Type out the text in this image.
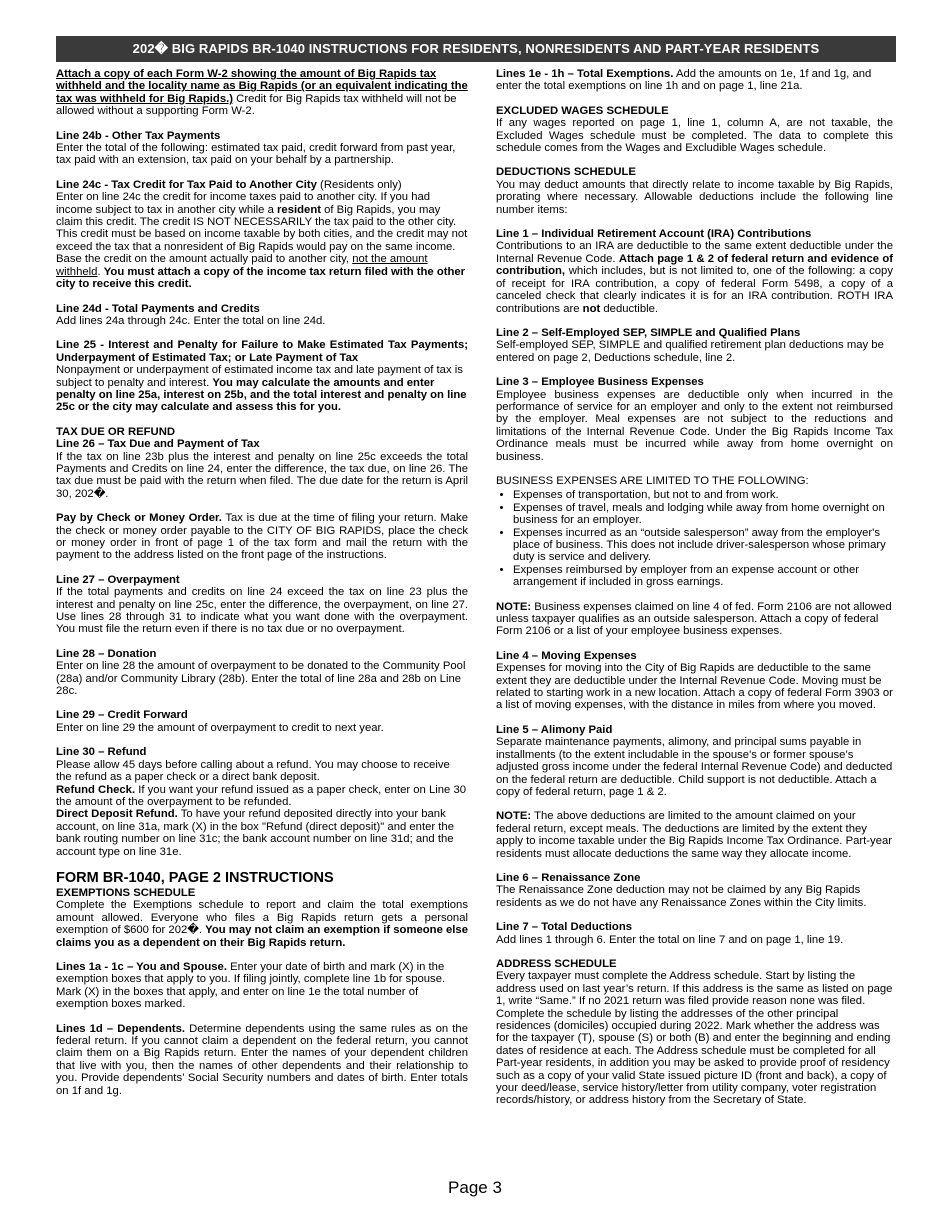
202� BIG RAPIDS BR-1040 INSTRUCTIONS FOR RESIDENTS, NONRESIDENTS AND PART-YEAR RESIDENTS

Attach a copy of each Form W-2 showing the amount of Big Rapids tax withheld and the locality name as Big Rapids (or an equivalent indicating the tax was withheld for Big Rapids.) Credit for Big Rapids tax withheld will not be allowed without a supporting Form W-2.

Line 24b - Other Tax Payments

Enter the total of the following: estimated tax paid, credit forward from past year, tax paid with an extension, tax paid on your behalf by a partnership.

Line 24c - Tax Credit for Tax Paid to Another City (Residents only)

Enter on line 24c the credit for income taxes paid to another city. If you had income subject to tax in another city while a resident of Big Rapids, you may claim this credit. The credit IS NOT NECESSARILY the tax paid to the other city. This credit must be based on income taxable by both cities, and the credit may not exceed the tax that a nonresident of Big Rapids would pay on the same income. Base the credit on the amount actually paid to another city, not the amount withheld. You must attach a copy of the income tax return filed with the other city to receive this credit.

Line 24d - Total Payments and Credits

Add lines 24a through 24c. Enter the total on line 24d.

Line 25 - Interest and Penalty for Failure to Make Estimated Tax Payments; Underpayment of Estimated Tax; or Late Payment of Tax

Nonpayment or underpayment of estimated income tax and late payment of tax is subject to penalty and interest. You may calculate the amounts and enter penalty on line 25a, interest on 25b, and the total interest and penalty on line 25c or the city may calculate and assess this for you.

TAX DUE OR REFUND

Line 26 – Tax Due and Payment of Tax

If the tax on line 23b plus the interest and penalty on line 25c exceeds the total Payments and Credits on line 24, enter the difference, the tax due, on line 26. The tax due must be paid with the return when filed. The due date for the return is April 30, 202�.

Pay by Check or Money Order. Tax is due at the time of filing your return. Make the check or money order payable to the CITY OF BIG RAPIDS, place the check or money order in front of page 1 of the tax form and mail the return with the payment to the address listed on the front page of the instructions.

Line 27 – Overpayment

If the total payments and credits on line 24 exceed the tax on line 23 plus the interest and penalty on line 25c, enter the difference, the overpayment, on line 27. Use lines 28 through 31 to indicate what you want done with the overpayment. You must file the return even if there is no tax due or no overpayment.

Line 28 – Donation

Enter on line 28 the amount of overpayment to be donated to the Community Pool (28a) and/or Community Library (28b). Enter the total of line 28a and 28b on Line 28c.

Line 29 – Credit Forward

Enter on line 29 the amount of overpayment to credit to next year.

Line 30 – Refund

Please allow 45 days before calling about a refund. You may choose to receive the refund as a paper check or a direct bank deposit.

Refund Check. If you want your refund issued as a paper check, enter on Line 30 the amount of the overpayment to be refunded.

Direct Deposit Refund. To have your refund deposited directly into your bank account, on line 31a, mark (X) in the box "Refund (direct deposit)" and enter the bank routing number on line 31c; the bank account number on line 31d; and the account type on line 31e.

FORM BR-1040, PAGE 2 INSTRUCTIONS

EXEMPTIONS SCHEDULE

Complete the Exemptions schedule to report and claim the total exemptions amount allowed. Everyone who files a Big Rapids return gets a personal exemption of $600 for 202�. You may not claim an exemption if someone else claims you as a dependent on their Big Rapids return.

Lines 1a - 1c – You and Spouse. Enter your date of birth and mark (X) in the exemption boxes that apply to you. If filing jointly, complete line 1b for spouse. Mark (X) in the boxes that apply, and enter on line 1e the total number of exemption boxes marked.

Lines 1d – Dependents. Determine dependents using the same rules as on the federal return. If you cannot claim a dependent on the federal return, you cannot claim them on a Big Rapids return. Enter the names of your dependent children that live with you, then the names of other dependents and their relationship to you. Provide dependents’ Social Security numbers and dates of birth. Enter totals on 1f and 1g.

Lines 1e - 1h – Total Exemptions. Add the amounts on 1e, 1f and 1g, and enter the total exemptions on line 1h and on page 1, line 21a.

EXCLUDED WAGES SCHEDULE

If any wages reported on page 1, line 1, column A, are not taxable, the Excluded Wages schedule must be completed. The data to complete this schedule comes from the Wages and Excludible Wages schedule.

DEDUCTIONS SCHEDULE

You may deduct amounts that directly relate to income taxable by Big Rapids, prorating where necessary. Allowable deductions include the following line number items:

Line 1 – Individual Retirement Account (IRA) Contributions

Contributions to an IRA are deductible to the same extent deductible under the Internal Revenue Code. Attach page 1 & 2 of federal return and evidence of contribution, which includes, but is not limited to, one of the following: a copy of receipt for IRA contribution, a copy of federal Form 5498, a copy of a canceled check that clearly indicates it is for an IRA contribution. ROTH IRA contributions are not deductible.

Line 2 – Self-Employed SEP, SIMPLE and Qualified Plans

Self-employed SEP, SIMPLE and qualified retirement plan deductions may be entered on page 2, Deductions schedule, line 2.

Line 3 – Employee Business Expenses

Employee business expenses are deductible only when incurred in the performance of service for an employer and only to the extent not reimbursed by the employer. Meal expenses are not subject to the reductions and limitations of the Internal Revenue Code. Under the Big Rapids Income Tax Ordinance meals must be incurred while away from home overnight on business.

BUSINESS EXPENSES ARE LIMITED TO THE FOLLOWING:

• Expenses of transportation, but not to and from work.
• Expenses of travel, meals and lodging while away from home overnight on business for an employer.
• Expenses incurred as an “outside salesperson” away from the employer's place of business. This does not include driver-salesperson whose primary duty is service and delivery.
• Expenses reimbursed by employer from an expense account or other arrangement if included in gross earnings.

NOTE: Business expenses claimed on line 4 of fed. Form 2106 are not allowed unless taxpayer qualifies as an outside salesperson. Attach a copy of federal Form 2106 or a list of your employee business expenses.

Line 4 – Moving Expenses

Expenses for moving into the City of Big Rapids are deductible to the same extent they are deductible under the Internal Revenue Code. Moving must be related to starting work in a new location. Attach a copy of federal Form 3903 or a list of moving expenses, with the distance in miles from where you moved.

Line 5 – Alimony Paid

Separate maintenance payments, alimony, and principal sums payable in installments (to the extent includable in the spouse's or former spouse’s adjusted gross income under the federal Internal Revenue Code) and deducted on the federal return are deductible. Child support is not deductible. Attach a copy of federal return, page 1 & 2.

NOTE: The above deductions are limited to the amount claimed on your federal return, except meals. The deductions are limited by the extent they apply to income taxable under the Big Rapids Income Tax Ordinance. Part-year residents must allocate deductions the same way they allocate income.

Line 6 – Renaissance Zone

The Renaissance Zone deduction may not be claimed by any Big Rapids residents as we do not have any Renaissance Zones within the City limits.

Line 7 – Total Deductions

Add lines 1 through 6. Enter the total on line 7 and on page 1, line 19.

ADDRESS SCHEDULE

Every taxpayer must complete the Address schedule. Start by listing the address used on last year’s return. If this address is the same as listed on page 1, write “Same.” If no 2021 return was filed provide reason none was filed. Complete the schedule by listing the addresses of the other principal residences (domiciles) occupied during 2022. Mark whether the address was for the taxpayer (T), spouse (S) or both (B) and enter the beginning and ending dates of residence at each. The Address schedule must be completed for all Part-year residents, in addition you may be asked to provide proof of residency such as a copy of your valid State issued picture ID (front and back), a copy of your deed/lease, service history/letter from utility company, voter registration records/history, or address history from the Secretary of State.

Page 3
